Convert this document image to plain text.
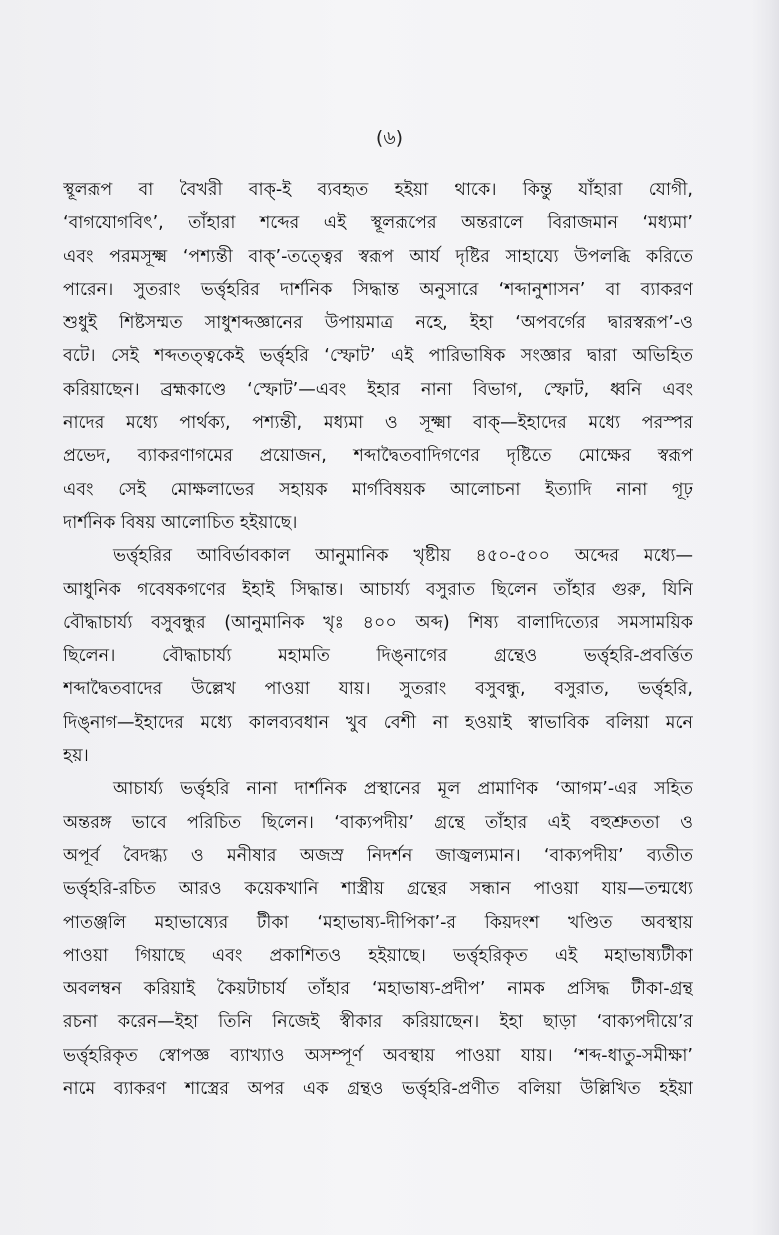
(৬)
স্থূলরূপ বা বৈখরী বাক্-ই ব্যবহৃত হইয়া থাকে। কিন্তু যাঁহারা যোগী,
‘বাগযোগবিৎ’, তাঁহারা শব্দের এই স্থূলরূপের অন্তরালে বিরাজমান ‘মধ্যমা’
এবং পরমসূক্ষ্ম ‘পশ্যন্তী বাক্’-তত্ত্বের স্বরূপ আর্য দৃষ্টির সাহায্যে উপলব্ধি করিতে
পারেন। সুতরাং ভর্ত্তৃহরির দার্শনিক সিদ্ধান্ত অনুসারে ‘শব্দানুশাসন’ বা ব্যাকরণ
শুধুই শিষ্টসম্মত সাধুশব্দজ্ঞানের উপায়মাত্র নহে, ইহা ‘অপবর্গের দ্বারস্বরূপ’-ও
বটে। সেই শব্দতত্ত্বকেই ভর্ত্তৃহরি ‘স্ফোট’ এই পারিভাষিক সংজ্ঞার দ্বারা অভিহিত
করিয়াছেন। ব্রহ্মকাণ্ডে ‘স্ফোট’—এবং ইহার নানা বিভাগ, স্ফোট, ধ্বনি এবং
নাদের মধ্যে পার্থক্য, পশ্যন্তী, মধ্যমা ও সূক্ষ্মা বাক্—ইহাদের মধ্যে পরস্পর
প্রভেদ, ব্যাকরণাগমের প্রয়োজন, শব্দাদ্বৈতবাদিগণের দৃষ্টিতে মোক্ষের স্বরূপ
এবং সেই মোক্ষলাভের সহায়ক মার্গবিষয়ক আলোচনা ইত্যাদি নানা গূঢ়
দার্শনিক বিষয় আলোচিত হইয়াছে।
ভর্ত্তৃহরির আবির্ভাবকাল আনুমানিক খৃষ্টীয় ৪৫০-৫০০ অব্দের মধ্যে—
আধুনিক গবেষকগণের ইহাই সিদ্ধান্ত। আচার্য্য বসুরাত ছিলেন তাঁহার গুরু, যিনি
বৌদ্ধাচার্য্য বসুবন্ধুর (আনুমানিক খৃঃ ৪০০ অব্দ) শিষ্য বালাদিত্যের সমসাময়িক
ছিলেন। বৌদ্ধাচার্য্য মহামতি দিঙ্নাগের গ্রন্থেও ভর্ত্তৃহরি-প্রবর্ত্তিত
শব্দাদ্বৈতবাদের উল্লেখ পাওয়া যায়। সুতরাং বসুবন্ধু, বসুরাত, ভর্ত্তৃহরি,
দিঙ্নাগ—ইহাদের মধ্যে কালব্যবধান খুব বেশী না হওয়াই স্বাভাবিক বলিয়া মনে
হয়।
আচার্য্য ভর্ত্তৃহরি নানা দার্শনিক প্রস্থানের মূল প্রামাণিক ‘আগম’-এর সহিত
অন্তরঙ্গ ভাবে পরিচিত ছিলেন। ‘বাক্যপদীয়’ গ্রন্থে তাঁহার এই বহুশ্রুততা ও
অপূর্ব বৈদগ্ধ্য ও মনীষার অজস্র নিদর্শন জাজ্বল্যমান। ‘বাক্যপদীয়’ ব্যতীত
ভর্ত্তৃহরি-রচিত আরও কয়েকখানি শাস্ত্রীয় গ্রন্থের সন্ধান পাওয়া যায়—তন্মধ্যে
পাতঞ্জলি মহাভাষ্যের টীকা ‘মহাভাষ্য-দীপিকা’-র কিয়দংশ খণ্ডিত অবস্থায়
পাওয়া গিয়াছে এবং প্রকাশিতও হইয়াছে। ভর্ত্তৃহরিকৃত এই মহাভাষ্যটীকা
অবলম্বন করিয়াই কৈয়টাচার্য তাঁহার ‘মহাভাষ্য-প্রদীপ’ নামক প্রসিদ্ধ টীকা-গ্রন্থ
রচনা করেন—ইহা তিনি নিজেই স্বীকার করিয়াছেন। ইহা ছাড়া ‘বাক্যপদীয়ে’র
ভর্ত্তৃহরিকৃত স্বোপজ্ঞ ব্যাখ্যাও অসম্পূর্ণ অবস্থায় পাওয়া যায়। ‘শব্দ-ধাতু-সমীক্ষা’
নামে ব্যাকরণ শাস্ত্রের অপর এক গ্রন্থও ভর্ত্তৃহরি-প্রণীত বলিয়া উল্লিখিত হইয়া
